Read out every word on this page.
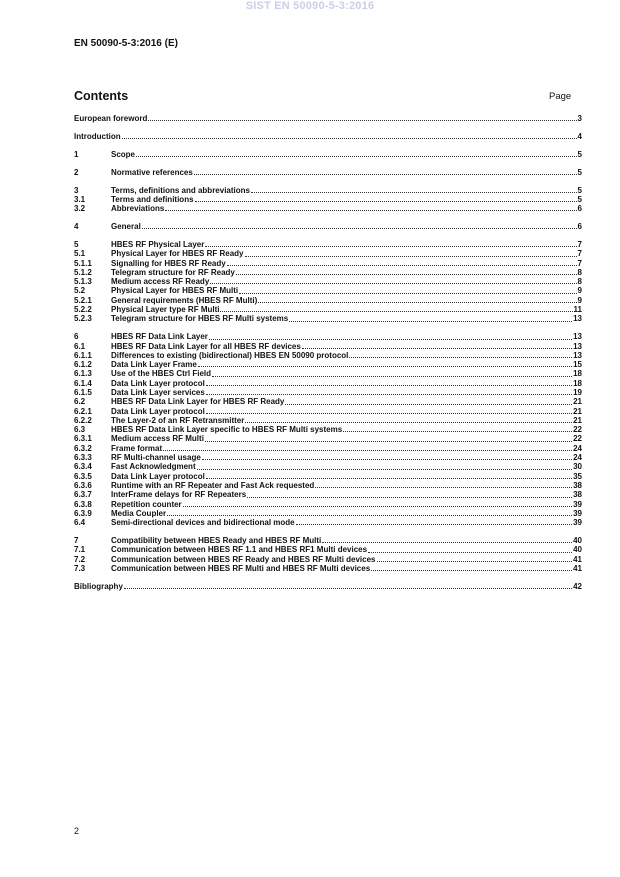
SIST EN 50090-5-3:2016
EN 50090-5-3:2016 (E)
Contents	Page
European foreword	3
Introduction	4
1	Scope	5
2	Normative references	5
3	Terms, definitions and abbreviations	5
3.1	Terms and definitions	5
3.2	Abbreviations	6
4	General	6
5	HBES RF Physical Layer	7
5.1	Physical Layer for HBES RF Ready	7
5.1.1	Signalling for HBES RF Ready	7
5.1.2	Telegram structure for RF Ready	8
5.1.3	Medium access RF Ready	8
5.2	Physical Layer for HBES RF Multi	9
5.2.1	General requirements (HBES RF Multi)	9
5.2.2	Physical Layer type RF Multi	11
5.2.3	Telegram structure for HBES RF Multi systems	13
6	HBES RF Data Link Layer	13
6.1	HBES RF Data Link Layer for all HBES RF devices	13
6.1.1	Differences to existing (bidirectional) HBES EN 50090 protocol	13
6.1.2	Data Link Layer Frame	15
6.1.3	Use of the HBES Ctrl Field	18
6.1.4	Data Link Layer protocol	18
6.1.5	Data Link Layer services	19
6.2	HBES RF Data Link Layer for HBES RF Ready	21
6.2.1	Data Link Layer protocol	21
6.2.2	The Layer-2 of an RF Retransmitter	21
6.3	HBES RF Data Link Layer specific to HBES RF Multi systems	22
6.3.1	Medium access RF Multi	22
6.3.2	Frame format	24
6.3.3	RF Multi-channel usage	24
6.3.4	Fast Acknowledgment	30
6.3.5	Data Link Layer protocol	35
6.3.6	Runtime with an RF Repeater and Fast Ack requested	38
6.3.7	InterFrame delays for RF Repeaters	38
6.3.8	Repetition counter	39
6.3.9	Media Coupler	39
6.4	Semi-directional devices and bidirectional mode	39
7	Compatibility between HBES Ready and HBES RF Multi	40
7.1	Communication between HBES RF 1.1 and HBES RF1 Multi devices	40
7.2	Communication between HBES RF Ready and HBES RF Multi devices	41
7.3	Communication between HBES RF Multi and HBES RF Multi devices	41
Bibliography	42
2
